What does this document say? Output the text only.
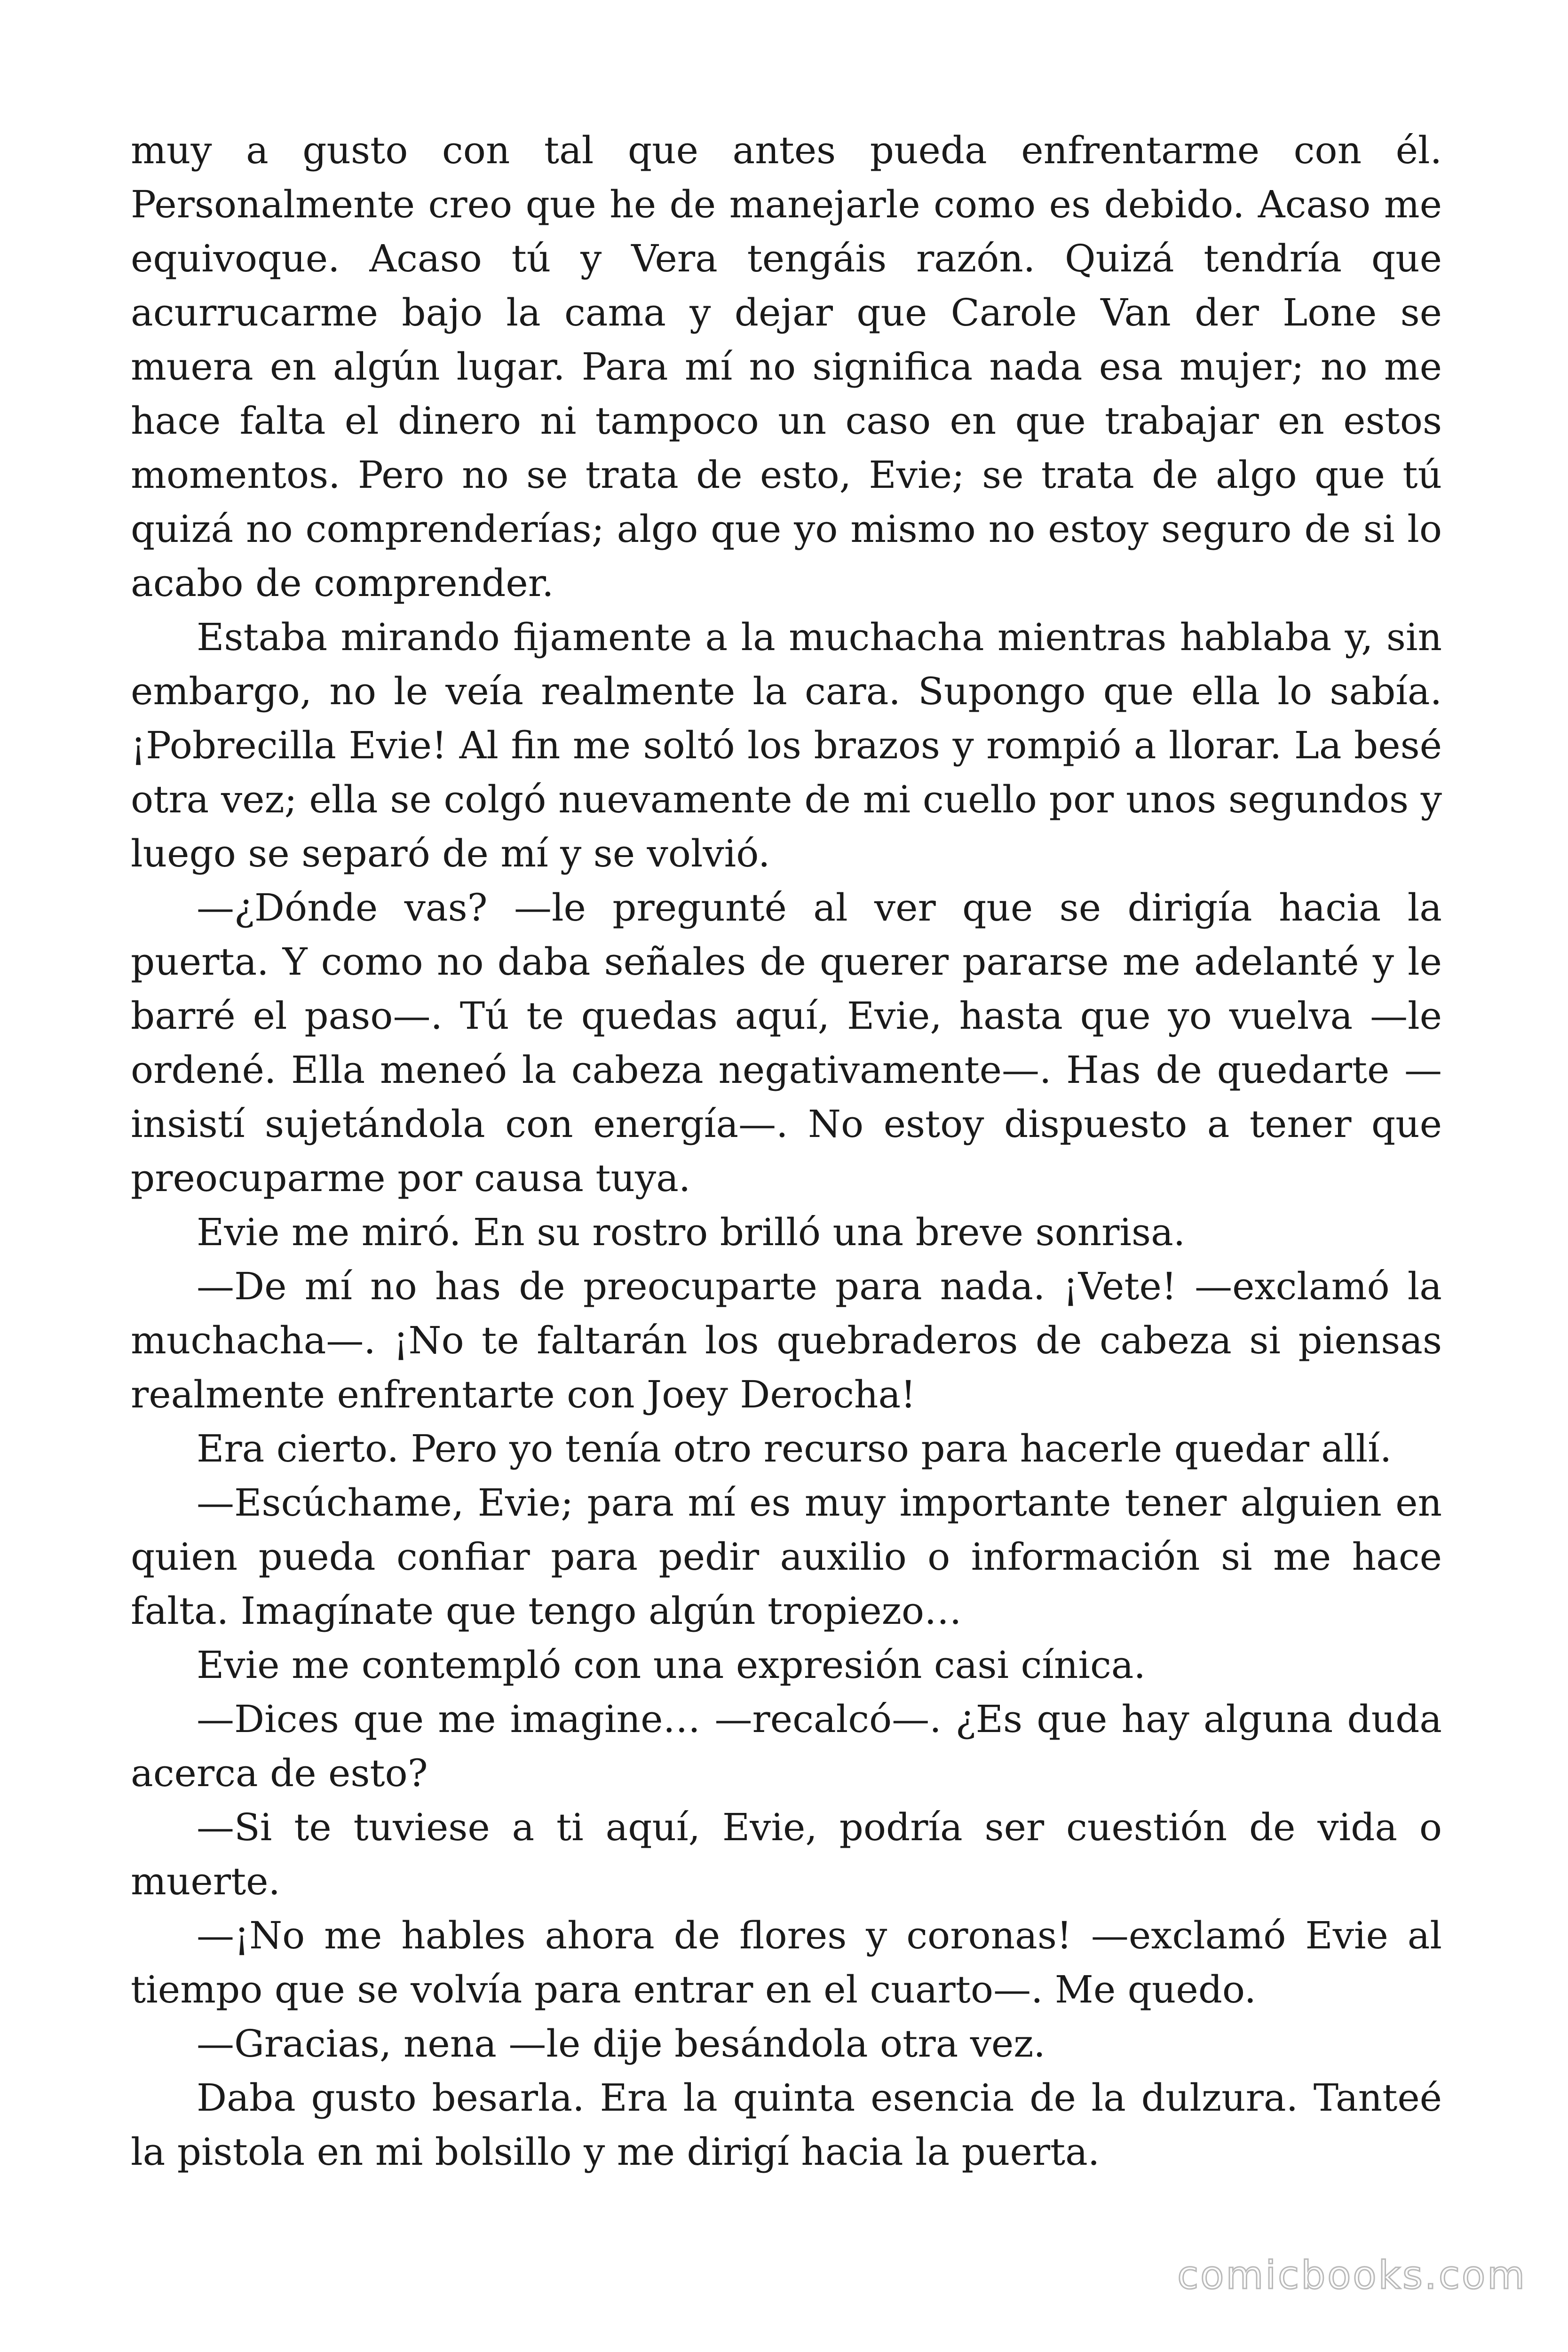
muy a gusto con tal que antes pueda enfrentarme con él. Personalmente creo que he de manejarle como es debido. Acaso me equivoque. Acaso tú y Vera tengáis razón. Quizá tendría que acurrucarme bajo la cama y dejar que Carole Van der Lone se muera en algún lugar. Para mí no significa nada esa mujer; no me hace falta el dinero ni tampoco un caso en que trabajar en estos momentos. Pero no se trata de esto, Evie; se trata de algo que tú quizá no comprenderías; algo que yo mismo no estoy seguro de si lo acabo de comprender.

Estaba mirando fijamente a la muchacha mientras hablaba y, sin embargo, no le veía realmente la cara. Supongo que ella lo sabía. ¡Pobrecilla Evie! Al fin me soltó los brazos y rompió a llorar. La besé otra vez; ella se colgó nuevamente de mi cuello por unos segundos y luego se separó de mí y se volvió.

—¿Dónde vas? —le pregunté al ver que se dirigía hacia la puerta. Y como no daba señales de querer pararse me adelanté y le barré el paso—. Tú te quedas aquí, Evie, hasta que yo vuelva —le ordené. Ella meneó la cabeza negativamente—. Has de quedarte —insistí sujetándola con energía—. No estoy dispuesto a tener que preocuparme por causa tuya.

Evie me miró. En su rostro brilló una breve sonrisa.

—De mí no has de preocuparte para nada. ¡Vete! —exclamó la muchacha—. ¡No te faltarán los quebraderos de cabeza si piensas realmente enfrentarte con Joey Derocha!

Era cierto. Pero yo tenía otro recurso para hacerle quedar allí.

—Escúchame, Evie; para mí es muy importante tener alguien en quien pueda confiar para pedir auxilio o información si me hace falta. Imagínate que tengo algún tropiezo…

Evie me contempló con una expresión casi cínica.

—Dices que me imagine… —recalcó—. ¿Es que hay alguna duda acerca de esto?

—Si te tuviese a ti aquí, Evie, podría ser cuestión de vida o muerte.

—¡No me hables ahora de flores y coronas! —exclamó Evie al tiempo que se volvía para entrar en el cuarto—. Me quedo.

—Gracias, nena —le dije besándola otra vez.

Daba gusto besarla. Era la quinta esencia de la dulzura. Tanteé la pistola en mi bolsillo y me dirigí hacia la puerta.

comicbooks.com
